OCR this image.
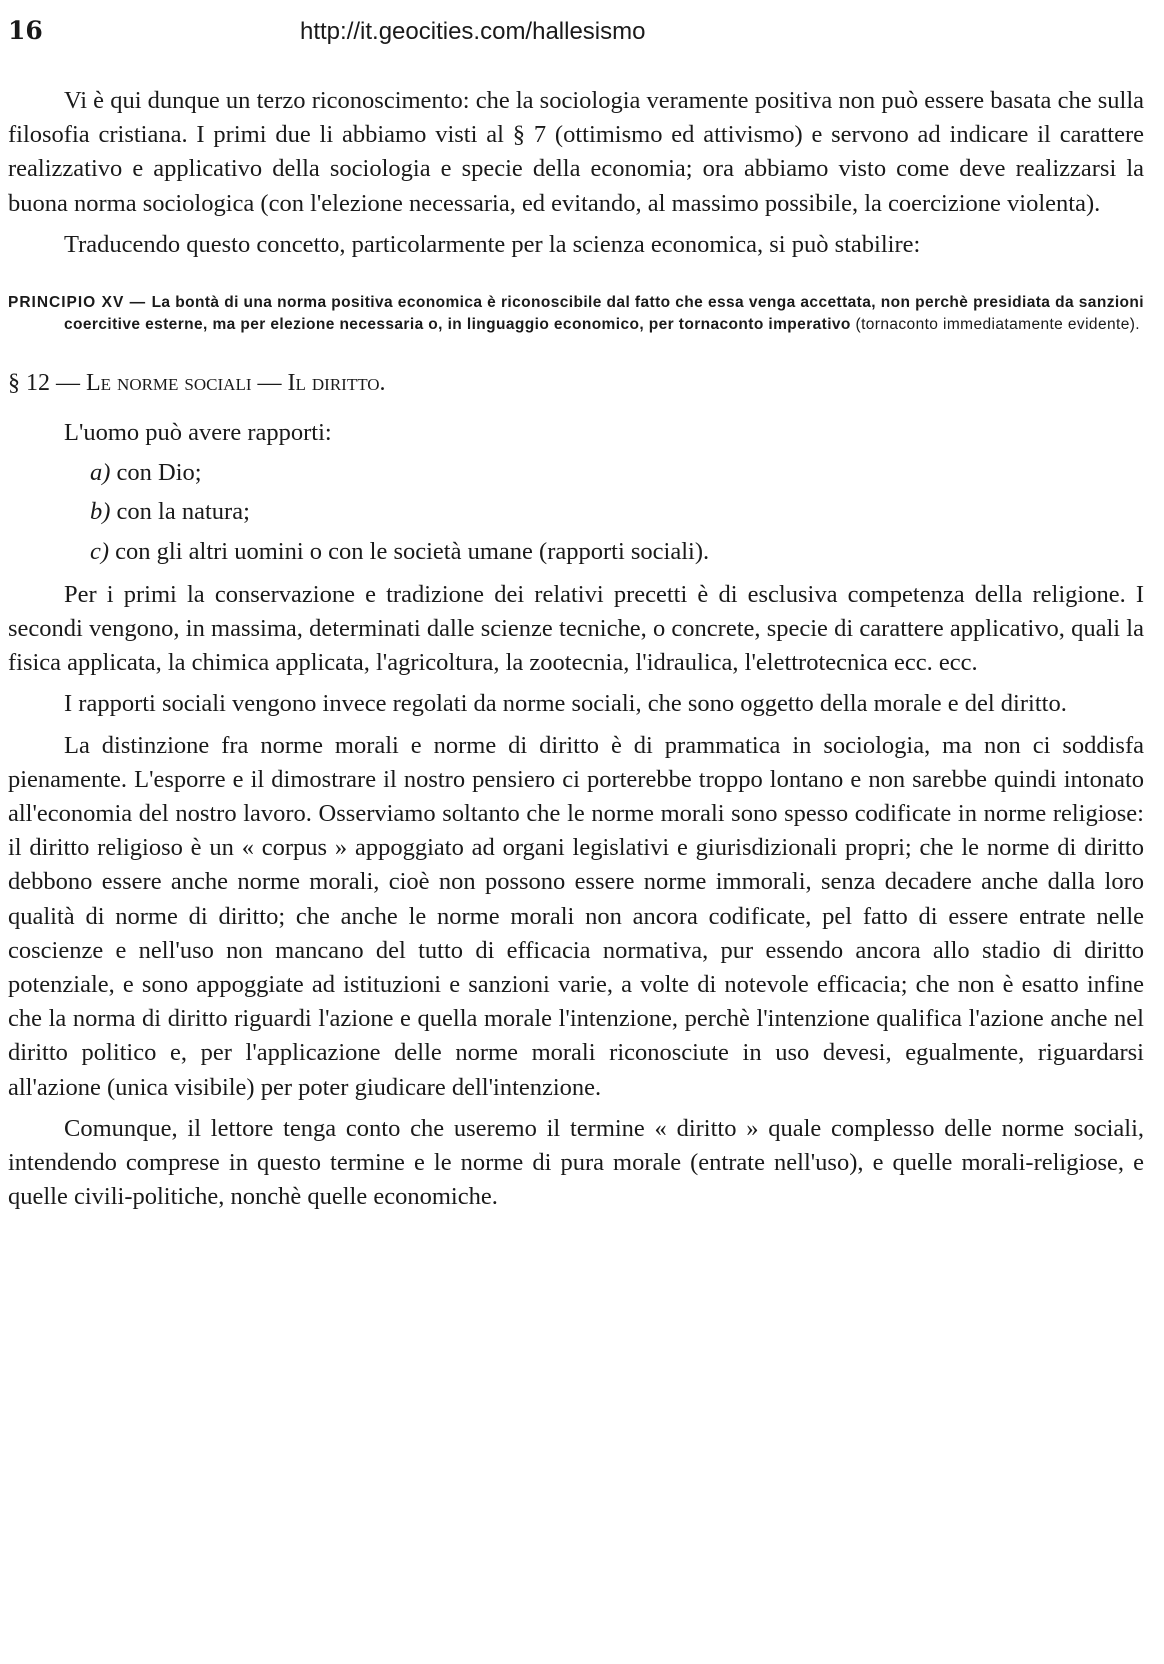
16	http://it.geocities.com/hallesismo

Vi è qui dunque un terzo riconoscimento: che la sociologia veramente positiva non può essere basata che sulla filosofia cristiana. I primi due li abbiamo visti al § 7 (ottimismo ed attivismo) e servono ad indicare il carattere realizzativo e applicativo della sociologia e specie della economia; ora abbiamo visto come deve realizzarsi la buona norma sociologica (con l'elezione necessaria, ed evitando, al massimo possibile, la coercizione violenta).

Traducendo questo concetto, particolarmente per la scienza economica, si può stabilire:

PRINCIPIO XV — La bontà di una norma positiva economica è riconoscibile dal fatto che essa venga accettata, non perchè presidiata da sanzioni coercitive esterne, ma per elezione necessaria o, in linguaggio economico, per tornaconto imperativo (tornaconto immediatamente evidente).
§ 12 — Le norme sociali — Il diritto.

L'uomo può avere rapporti:

a) con Dio;
b) con la natura;
c) con gli altri uomini o con le società umane (rapporti sociali).

Per i primi la conservazione e tradizione dei relativi precetti è di esclusiva competenza della religione. I secondi vengono, in massima, determinati dalle scienze tecniche, o concrete, specie di carattere applicativo, quali la fisica applicata, la chimica applicata, l'agricoltura, la zootecnia, l'idraulica, l'elettrotecnica ecc. ecc.

I rapporti sociali vengono invece regolati da norme sociali, che sono oggetto della morale e del diritto.

La distinzione fra norme morali e norme di diritto è di prammatica in sociologia, ma non ci soddisfa pienamente. L'esporre e il dimostrare il nostro pensiero ci porterebbe troppo lontano e non sarebbe quindi intonato all'economia del nostro lavoro. Osserviamo soltanto che le norme morali sono spesso codificate in norme religiose: il diritto religioso è un « corpus » appoggiato ad organi legislativi e giurisdizionali propri; che le norme di diritto debbono essere anche norme morali, cioè non possono essere norme immorali, senza decadere anche dalla loro qualità di norme di diritto; che anche le norme morali non ancora codificate, pel fatto di essere entrate nelle coscienze e nell'uso non mancano del tutto di efficacia normativa, pur essendo ancora allo stadio di diritto potenziale, e sono appoggiate ad istituzioni e sanzioni varie, a volte di notevole efficacia; che non è esatto infine che la norma di diritto riguardi l'azione e quella morale l'intenzione, perchè l'intenzione qualifica l'azione anche nel diritto politico e, per l'applicazione delle norme morali riconosciute in uso devesi, egualmente, riguardarsi all'azione (unica visibile) per poter giudicare dell'intenzione.

Comunque, il lettore tenga conto che useremo il termine « diritto » quale complesso delle norme sociali, intendendo comprese in questo termine e le norme di pura morale (entrate nell'uso), e quelle morali-religiose, e quelle civili-politiche, nonchè quelle economiche.
